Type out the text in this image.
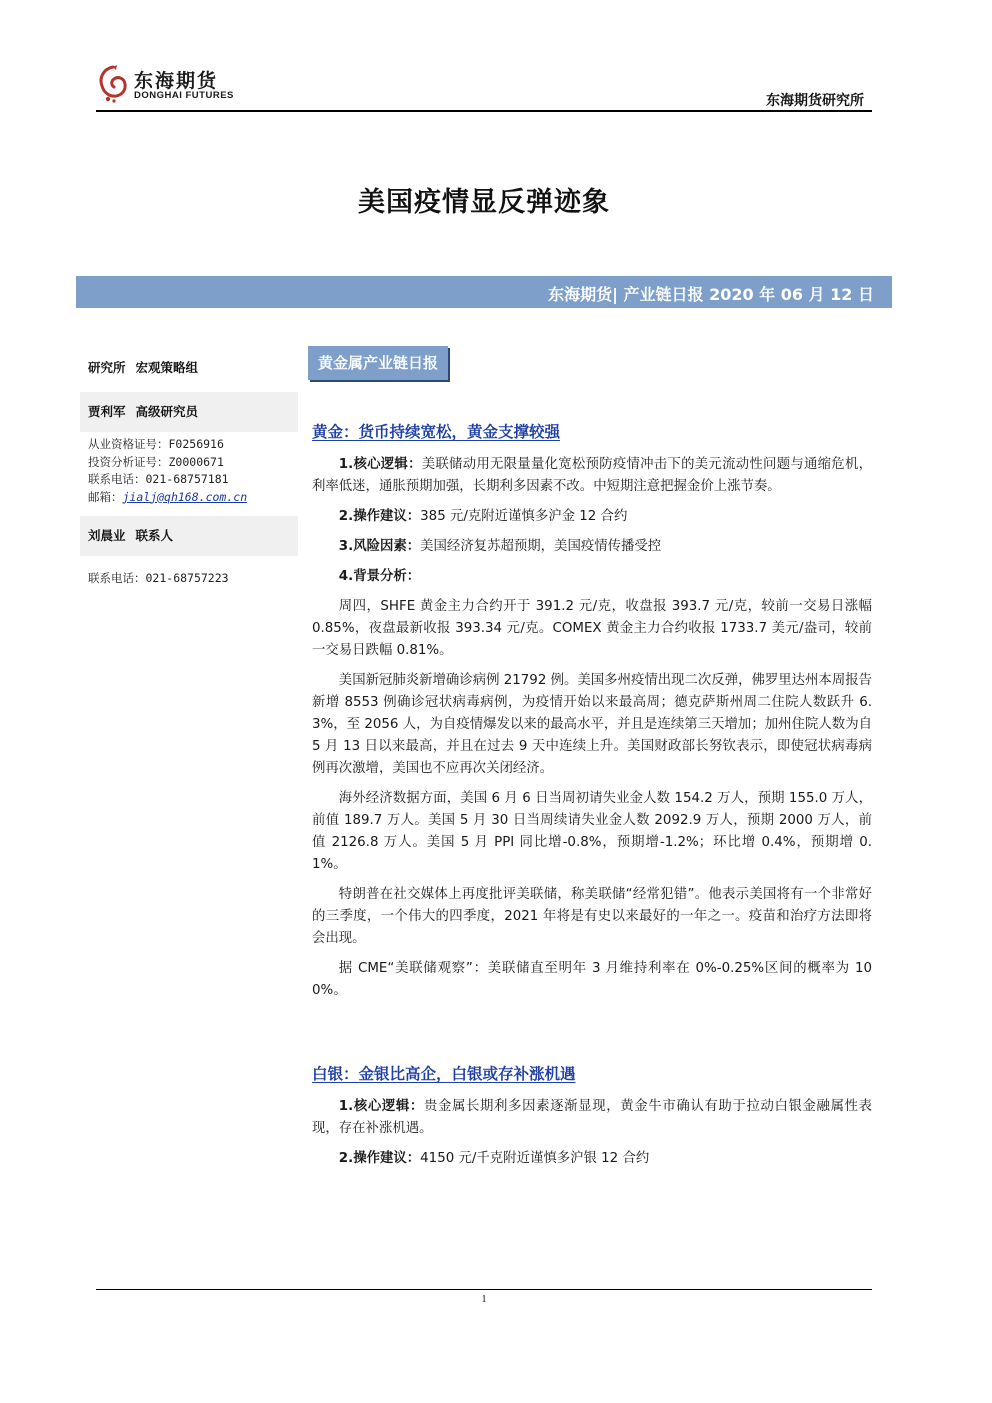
东海期货
DONGHAI FUTURES	东海期货研究所
美国疫情显反弹迹象
东海期货| 产业链日报 2020 年 06 月 12 日
研究所 宏观策略组
贾利军 高级研究员
从业资格证号：F0256916
投资分析证号：Z0000671
联系电话：021-68757181
邮箱：jialj@qh168.com.cn
刘晨业 联系人
联系电话：021-68757223
黄金属产业链日报
黄金：货币持续宽松，黄金支撑较强

1.核心逻辑：美联储动用无限量量化宽松预防疫情冲击下的美元流动性问题与通缩危机，利率低迷，通胀预期加强，长期利多因素不改。中短期注意把握金价上涨节奏。

2.操作建议：385 元/克附近谨慎多沪金 12 合约

3.风险因素：美国经济复苏超预期，美国疫情传播受控

4.背景分析：

周四，SHFE 黄金主力合约开于 391.2 元/克，收盘报 393.7 元/克，较前一交易日涨幅 0.85%，夜盘最新收报 393.34 元/克。COMEX 黄金主力合约收报 1733.7 美元/盎司，较前一交易日跌幅 0.81%。

美国新冠肺炎新增确诊病例 21792 例。美国多州疫情出现二次反弹，佛罗里达州本周报告新增 8553 例确诊冠状病毒病例，为疫情开始以来最高周；德克萨斯州周二住院人数跃升 6.3%，至 2056 人，为自疫情爆发以来的最高水平，并且是连续第三天增加；加州住院人数为自 5 月 13 日以来最高，并且在过去 9 天中连续上升。美国财政部长努钦表示，即使冠状病毒病例再次激增，美国也不应再次关闭经济。

海外经济数据方面，美国 6 月 6 日当周初请失业金人数 154.2 万人，预期 155.0 万人，前值 189.7 万人。美国 5 月 30 日当周续请失业金人数 2092.9 万人，预期 2000 万人，前值 2126.8 万人。美国 5 月 PPI 同比增-0.8%，预期增-1.2%；环比增 0.4%，预期增 0.1%。

特朗普在社交媒体上再度批评美联储，称美联储“经常犯错”。他表示美国将有一个非常好的三季度，一个伟大的四季度，2021 年将是有史以来最好的一年之一。疫苗和治疗方法即将会出现。

据 CME“美联储观察”：美联储直至明年 3 月维持利率在 0%-0.25%区间的概率为 100%。

白银：金银比高企，白银或存补涨机遇

1.核心逻辑：贵金属长期利多因素逐渐显现，黄金牛市确认有助于拉动白银金融属性表现，存在补涨机遇。

2.操作建议：4150 元/千克附近谨慎多沪银 12 合约

1
